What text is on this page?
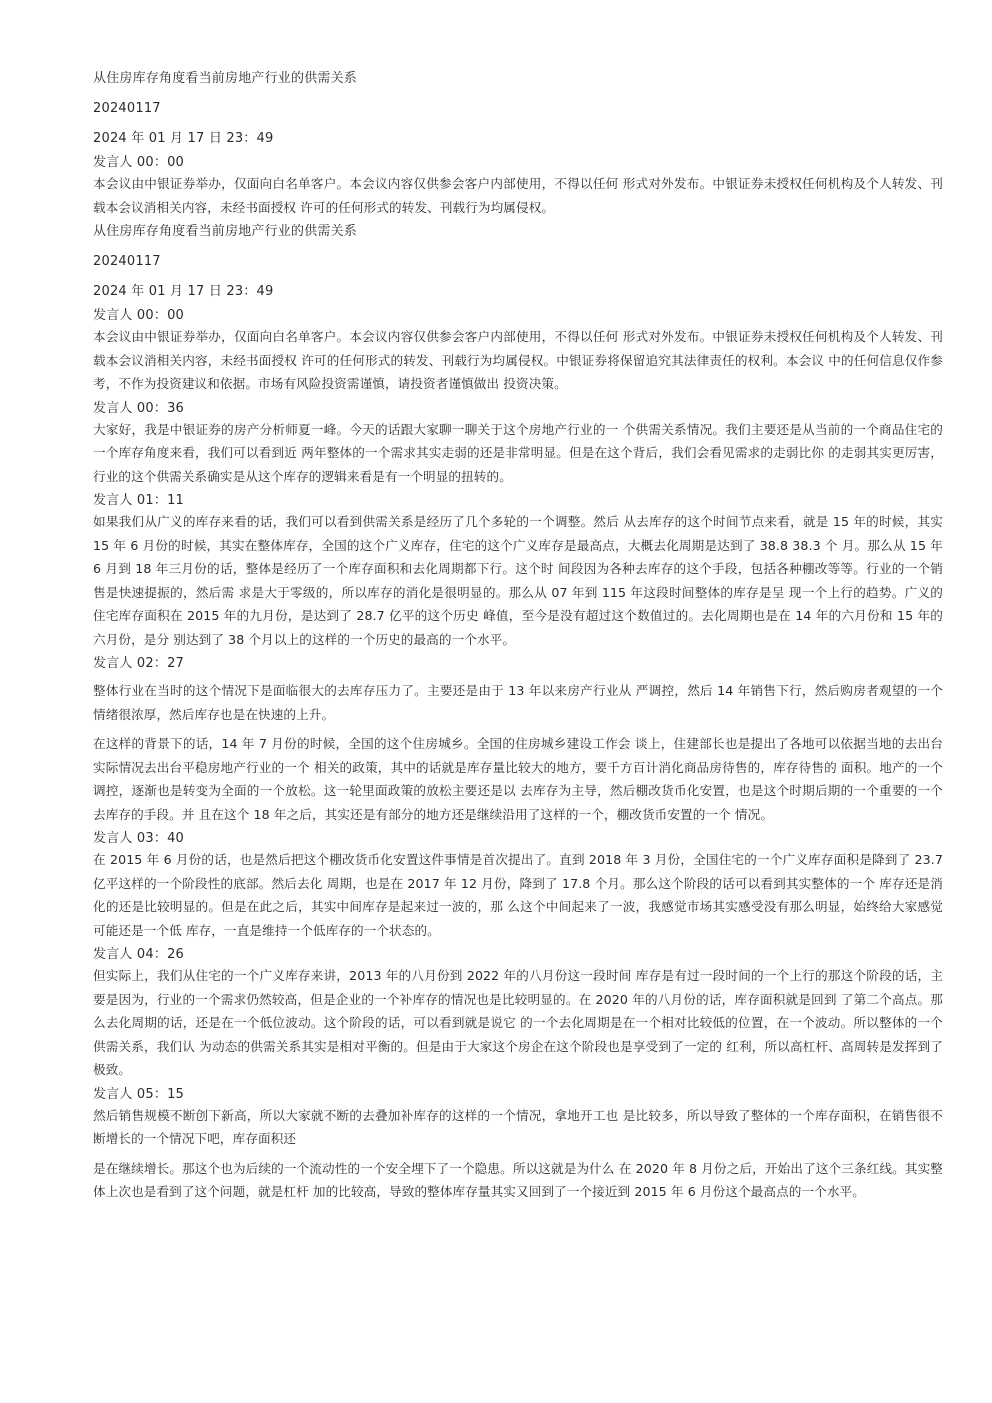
从住房库存角度看当前房地产行业的供需关系

20240117

2024 年 01 月 17 日 23：49

发言人 00：00

本会议由中银证券举办，仅面向白名单客户。本会议内容仅供参会客户内部使用，不得以任何 形式对外发布。中银证券未授权任何机构及个人转发、刊载本会议消相关内容，未经书面授权 许可的任何形式的转发、刊载行为均属侵权。

从住房库存角度看当前房地产行业的供需关系

20240117

2024 年 01 月 17 日 23：49

发言人 00：00

本会议由中银证券举办，仅面向白名单客户。本会议内容仅供参会客户内部使用，不得以任何 形式对外发布。中银证券未授权任何机构及个人转发、刊载本会议消相关内容，未经书面授权 许可的任何形式的转发、刊载行为均属侵权。中银证券将保留追究其法律责任的权利。本会议 中的任何信息仅作参考，不作为投资建议和依据。市场有风险投资需谨慎，请投资者谨慎做出 投资决策。

发言人 00：36

大家好，我是中银证券的房产分析师夏一峰。今天的话跟大家聊一聊关于这个房地产行业的一 个供需关系情况。我们主要还是从当前的一个商品住宅的一个库存角度来看，我们可以看到近 两年整体的一个需求其实走弱的还是非常明显。但是在这个背后，我们会看见需求的走弱比你 的走弱其实更厉害，行业的这个供需关系确实是从这个库存的逻辑来看是有一个明显的扭转的。

发言人 01：11

如果我们从广义的库存来看的话，我们可以看到供需关系是经历了几个多轮的一个调整。然后 从去库存的这个时间节点来看，就是 15 年的时候，其实 15 年 6 月份的时候，其实在整体库存，全国的这个广义库存，住宅的这个广义库存是最高点，大概去化周期是达到了 38.8 38.3 个 月。那么从 15 年 6 月到 18 年三月份的话，整体是经历了一个库存面积和去化周期都下行。这个时 间段因为各种去库存的这个手段，包括各种棚改等等。行业的一个销售是快速提振的，然后需 求是大于零级的，所以库存的消化是很明显的。那么从 07 年到 115 年这段时间整体的库存是呈 现一个上行的趋势。广义的住宅库存面积在 2015 年的九月份，是达到了 28.7 亿平的这个历史 峰值，至今是没有超过这个数值过的。去化周期也是在 14 年的六月份和 15 年的六月份，是分 别达到了 38 个月以上的这样的一个历史的最高的一个水平。

发言人 02：27

整体行业在当时的这个情况下是面临很大的去库存压力了。主要还是由于 13 年以来房产行业从 严调控，然后 14 年销售下行，然后购房者观望的一个情绪很浓厚，然后库存也是在快速的上升。

在这样的背景下的话，14 年 7 月份的时候，全国的这个住房城乡。全国的住房城乡建设工作会 谈上，住建部长也是提出了各地可以依据当地的去出台实际情况去出台平稳房地产行业的一个 相关的政策，其中的话就是库存量比较大的地方，要千方百计消化商品房待售的，库存待售的 面积。地产的一个调控，逐渐也是转变为全面的一个放松。这一轮里面政策的放松主要还是以 去库存为主导，然后棚改货币化安置，也是这个时期后期的一个重要的一个去库存的手段。并 且在这个 18 年之后，其实还是有部分的地方还是继续沿用了这样的一个，棚改货币安置的一个 情况。

发言人 03：40

在 2015 年 6 月份的话，也是然后把这个棚改货币化安置这件事情是首次提出了。直到 2018 年 3 月份，全国住宅的一个广义库存面积是降到了 23.7 亿平这样的一个阶段性的底部。然后去化 周期，也是在 2017 年 12 月份，降到了 17.8 个月。那么这个阶段的话可以看到其实整体的一个 库存还是消化的还是比较明显的。但是在此之后，其实中间库存是起来过一波的，那 么这个中间起来了一波，我感觉市场其实感受没有那么明显，始终给大家感觉可能还是一个低 库存，一直是维持一个低库存的一个状态的。

发言人 04：26

但实际上，我们从住宅的一个广义库存来讲，2013 年的八月份到 2022 年的八月份这一段时间 库存是有过一段时间的一个上行的那这个阶段的话，主要是因为，行业的一个需求仍然较高，但是企业的一个补库存的情况也是比较明显的。在 2020 年的八月份的话，库存面积就是回到 了第二个高点。那么去化周期的话，还是在一个低位波动。这个阶段的话，可以看到就是说它 的一个去化周期是在一个相对比较低的位置，在一个波动。所以整体的一个供需关系，我们认 为动态的供需关系其实是相对平衡的。但是由于大家这个房企在这个阶段也是享受到了一定的 红利，所以高杠杆、高周转是发挥到了极致。

发言人 05：15

然后销售规模不断创下新高，所以大家就不断的去叠加补库存的这样的一个情况，拿地开工也 是比较多，所以导致了整体的一个库存面积，在销售很不断增长的一个情况下吧，库存面积还

是在继续增长。那这个也为后续的一个流动性的一个安全埋下了一个隐患。所以这就是为什么 在 2020 年 8 月份之后，开始出了这个三条红线。其实整体上次也是看到了这个问题，就是杠杆 加的比较高，导致的整体库存量其实又回到了一个接近到 2015 年 6 月份这个最高点的一个水平。
